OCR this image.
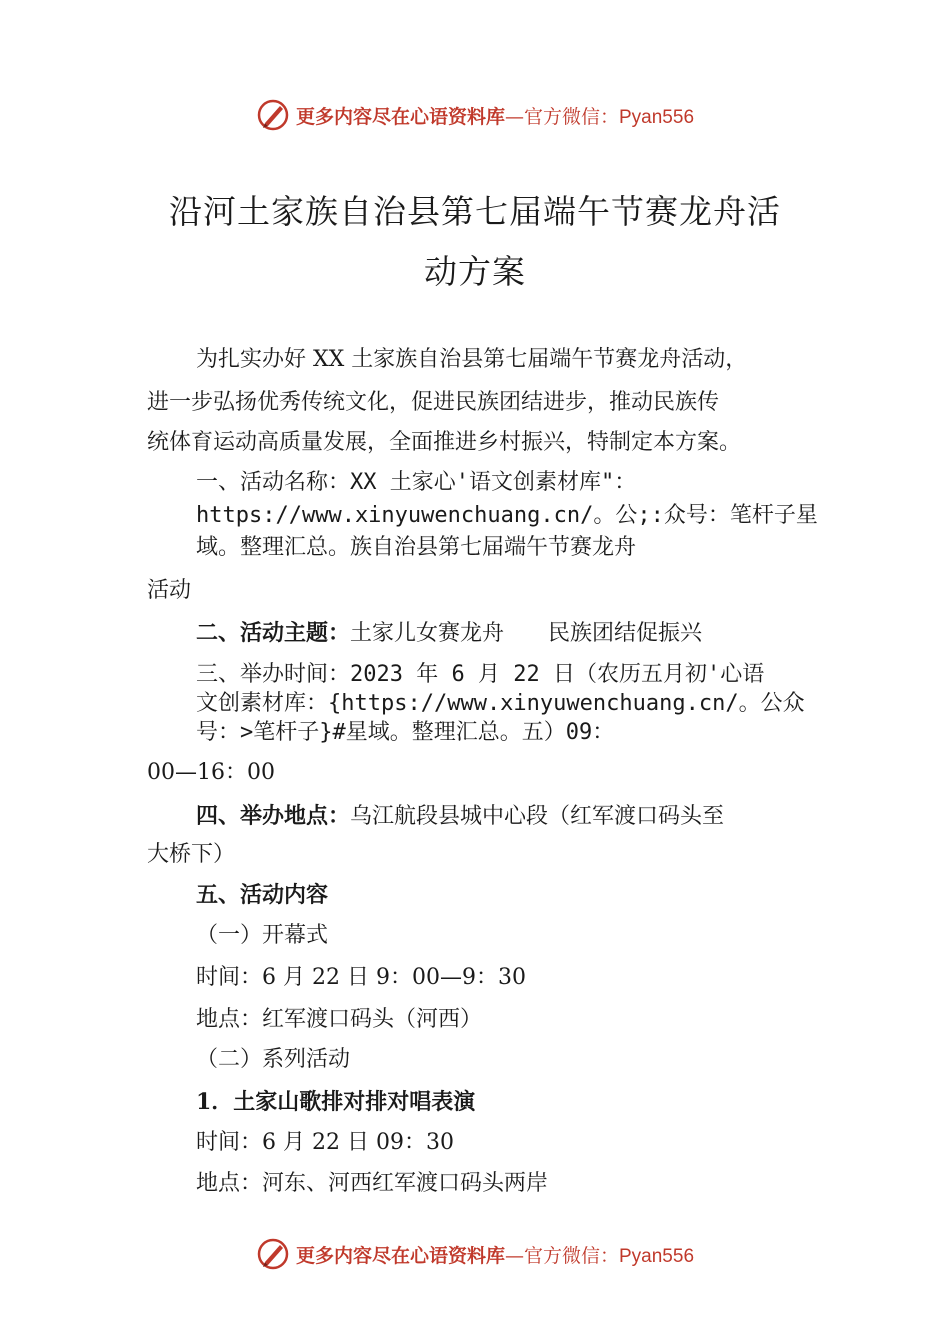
更多内容尽在心语资料库—官方微信：Pyan556
沿河土家族自治县第七届端午节赛龙舟活
动方案
为扎实办好 XX 土家族自治县第七届端午节赛龙舟活动，
进一步弘扬优秀传统文化，促进民族团结进步，推动民族传
统体育运动高质量发展，全面推进乡村振兴，特制定本方案。
一、活动名称：XX 土家心'语文创素材库"：
https://www.xinyuwenchuang.cn/。公;:众号：笔杆子星
域。整理汇总。族自治县第七届端午节赛龙舟
活动
二、活动主题：土家儿女赛龙舟　　民族团结促振兴
三、举办时间：2023 年 6 月 22 日（农历五月初'心语
文创素材库：{https://www.xinyuwenchuang.cn/。公众
号：>笔杆子}#星域。整理汇总。五）09：
00—16：00
四、举办地点：乌江航段县城中心段（红军渡口码头至
大桥下）
五、活动内容
（一）开幕式
时间：6 月 22 日 9：00—9：30
地点：红军渡口码头（河西）
（二）系列活动
1．土家山歌排对排对唱表演
时间：6 月 22 日 09：30
地点：河东、河西红军渡口码头两岸
更多内容尽在心语资料库—官方微信：Pyan556
